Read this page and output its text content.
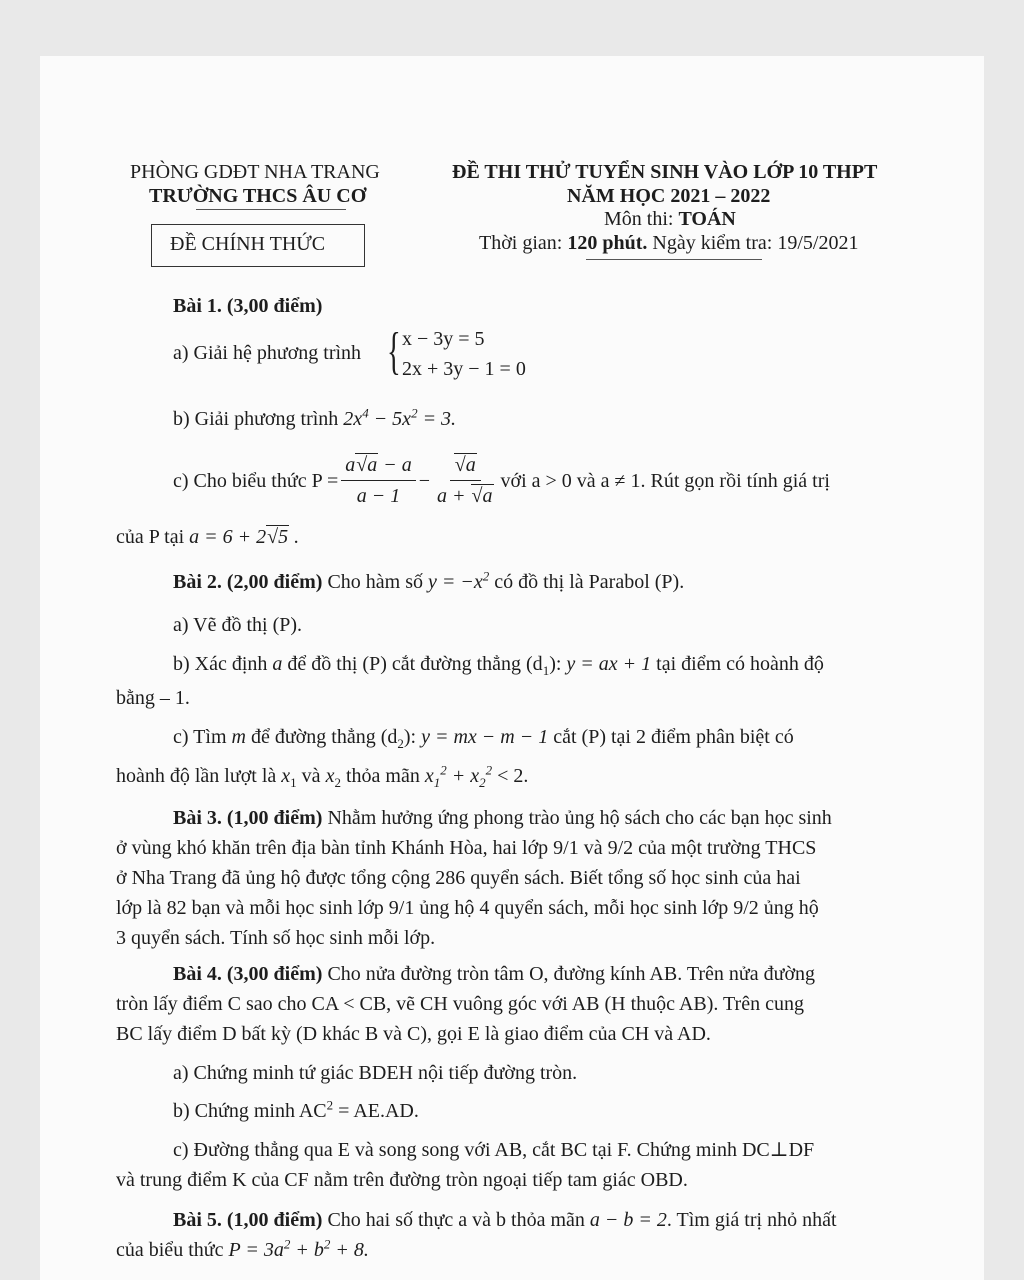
PHÒNG GDĐT NHA TRANG
TRƯỜNG THCS ÂU CƠ
ĐỀ CHÍNH THỨC
ĐỀ THI THỬ TUYỂN SINH VÀO LỚP 10 THPT
NĂM HỌC 2021 – 2022
Môn thi: TOÁN
Thời gian: 120 phút. Ngày kiểm tra: 19/5/2021
Bài 1. (3,00 điểm)
a) Giải hệ phương trình { x − 3y = 5
2x + 3y − 1 = 0
b) Giải phương trình $2x^4 - 5x^2 = 3$.
c) Cho biểu thức $P = \frac{a√a - a}{a - 1} - \frac{√a}{a + √a}$ với a > 0 và a ≠ 1. Rút gọn rồi tính giá trị
của P tại a = 6 + 2√5 .
Bài 2. (2,00 điểm) Cho hàm số $y = -x^2$ có đồ thị là Parabol (P).
a) Vẽ đồ thị (P).
b) Xác định a để đồ thị (P) cắt đường thẳng $(d_1)$: y = ax + 1 tại điểm có hoành độ
bằng – 1.
c) Tìm m để đường thẳng $(d_2)$: y = mx − m − 1 cắt (P) tại 2 điểm phân biệt có
hoành độ lần lượt là $x_1$ và $x_2$ thỏa mãn $x_1^2 + x_2^2 < 2$.
Bài 3. (1,00 điểm) Nhằm hưởng ứng phong trào ủng hộ sách cho các bạn học sinh
ở vùng khó khăn trên địa bàn tỉnh Khánh Hòa, hai lớp 9/1 và 9/2 của một trường THCS
ở Nha Trang đã ủng hộ được tổng cộng 286 quyển sách. Biết tổng số học sinh của hai
lớp là 82 bạn và mỗi học sinh lớp 9/1 ủng hộ 4 quyển sách, mỗi học sinh lớp 9/2 ủng hộ
3 quyển sách. Tính số học sinh mỗi lớp.
Bài 4. (3,00 điểm) Cho nửa đường tròn tâm O, đường kính AB. Trên nửa đường
tròn lấy điểm C sao cho CA < CB, vẽ CH vuông góc với AB (H thuộc AB). Trên cung
BC lấy điểm D bất kỳ (D khác B và C), gọi E là giao điểm của CH và AD.
a) Chứng minh tứ giác BDEH nội tiếp đường tròn.
b) Chứng minh $AC^2 = AE.AD$.
c) Đường thẳng qua E và song song với AB, cắt BC tại F. Chứng minh DC⊥DF
và trung điểm K của CF nằm trên đường tròn ngoại tiếp tam giác OBD.
Bài 5. (1,00 điểm) Cho hai số thực a và b thỏa mãn a − b = 2. Tìm giá trị nhỏ nhất
của biểu thức $P = 3a^2 + b^2 + 8$.
